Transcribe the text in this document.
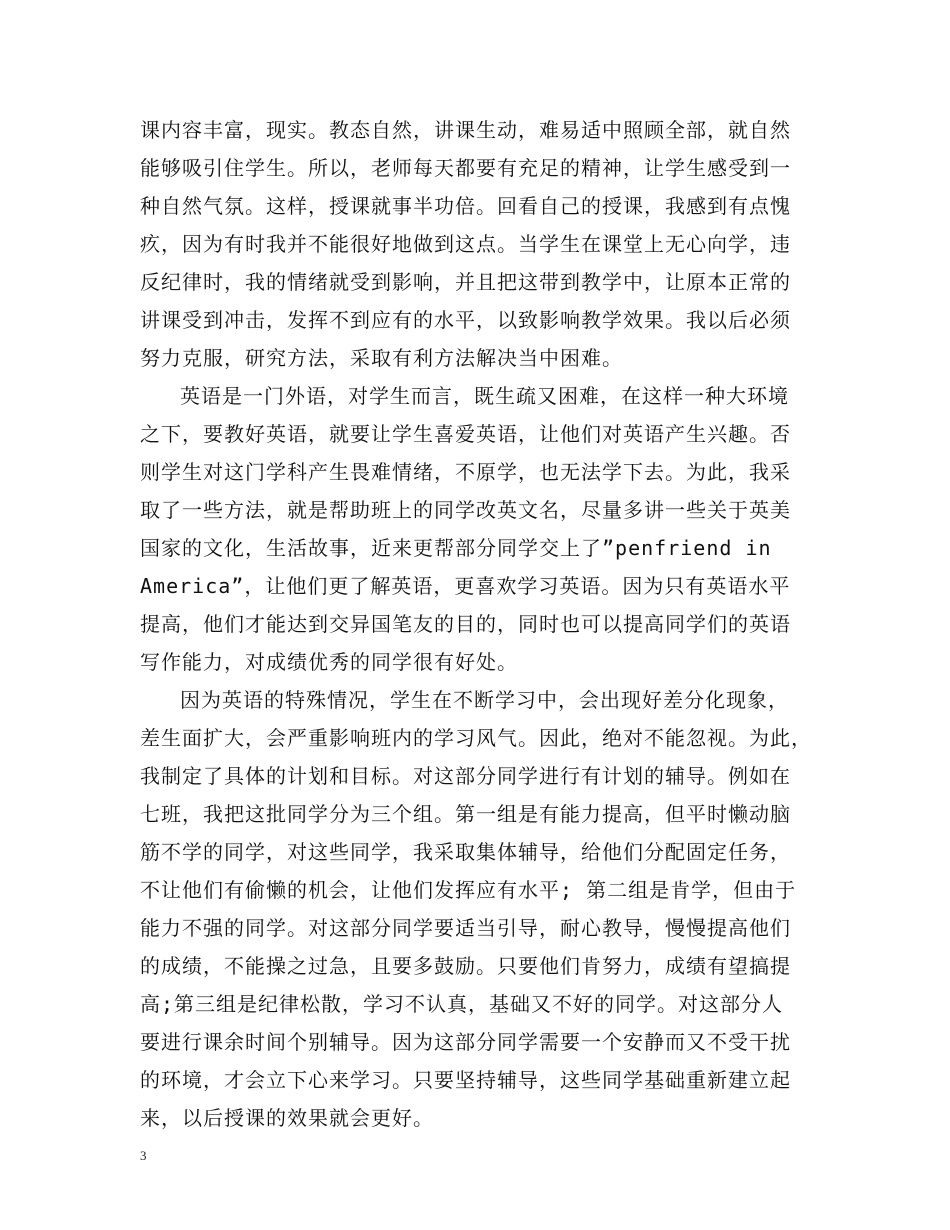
课内容丰富，现实。教态自然，讲课生动，难易适中照顾全部，就自然
能够吸引住学生。所以，老师每天都要有充足的精神，让学生感受到一
种自然气氛。这样，授课就事半功倍。回看自己的授课，我感到有点愧
疚，因为有时我并不能很好地做到这点。当学生在课堂上无心向学，违
反纪律时，我的情绪就受到影响，并且把这带到教学中，让原本正常的
讲课受到冲击，发挥不到应有的水平，以致影响教学效果。我以后必须
努力克服，研究方法，采取有利方法解决当中困难。
英语是一门外语，对学生而言，既生疏又困难，在这样一种大环境
之下，要教好英语，就要让学生喜爱英语，让他们对英语产生兴趣。否
则学生对这门学科产生畏难情绪，不原学，也无法学下去。为此，我采
取了一些方法，就是帮助班上的同学改英文名，尽量多讲一些关于英美
国家的文化，生活故事，近来更帮部分同学交上了”penfriend in
America”，让他们更了解英语，更喜欢学习英语。因为只有英语水平
提高，他们才能达到交异国笔友的目的，同时也可以提高同学们的英语
写作能力，对成绩优秀的同学很有好处。
因为英语的特殊情况，学生在不断学习中，会出现好差分化现象，
差生面扩大，会严重影响班内的学习风气。因此，绝对不能忽视。为此，
我制定了具体的计划和目标。对这部分同学进行有计划的辅导。例如在
七班，我把这批同学分为三个组。第一组是有能力提高，但平时懒动脑
筋不学的同学，对这些同学，我采取集体辅导，给他们分配固定任务，
不让他们有偷懒的机会，让他们发挥应有水平; 第二组是肯学，但由于
能力不强的同学。对这部分同学要适当引导，耐心教导，慢慢提高他们
的成绩，不能操之过急，且要多鼓励。只要他们肯努力，成绩有望搞提
高;第三组是纪律松散，学习不认真，基础又不好的同学。对这部分人
要进行课余时间个别辅导。因为这部分同学需要一个安静而又不受干扰
的环境，才会立下心来学习。只要坚持辅导，这些同学基础重新建立起
来，以后授课的效果就会更好。
3
